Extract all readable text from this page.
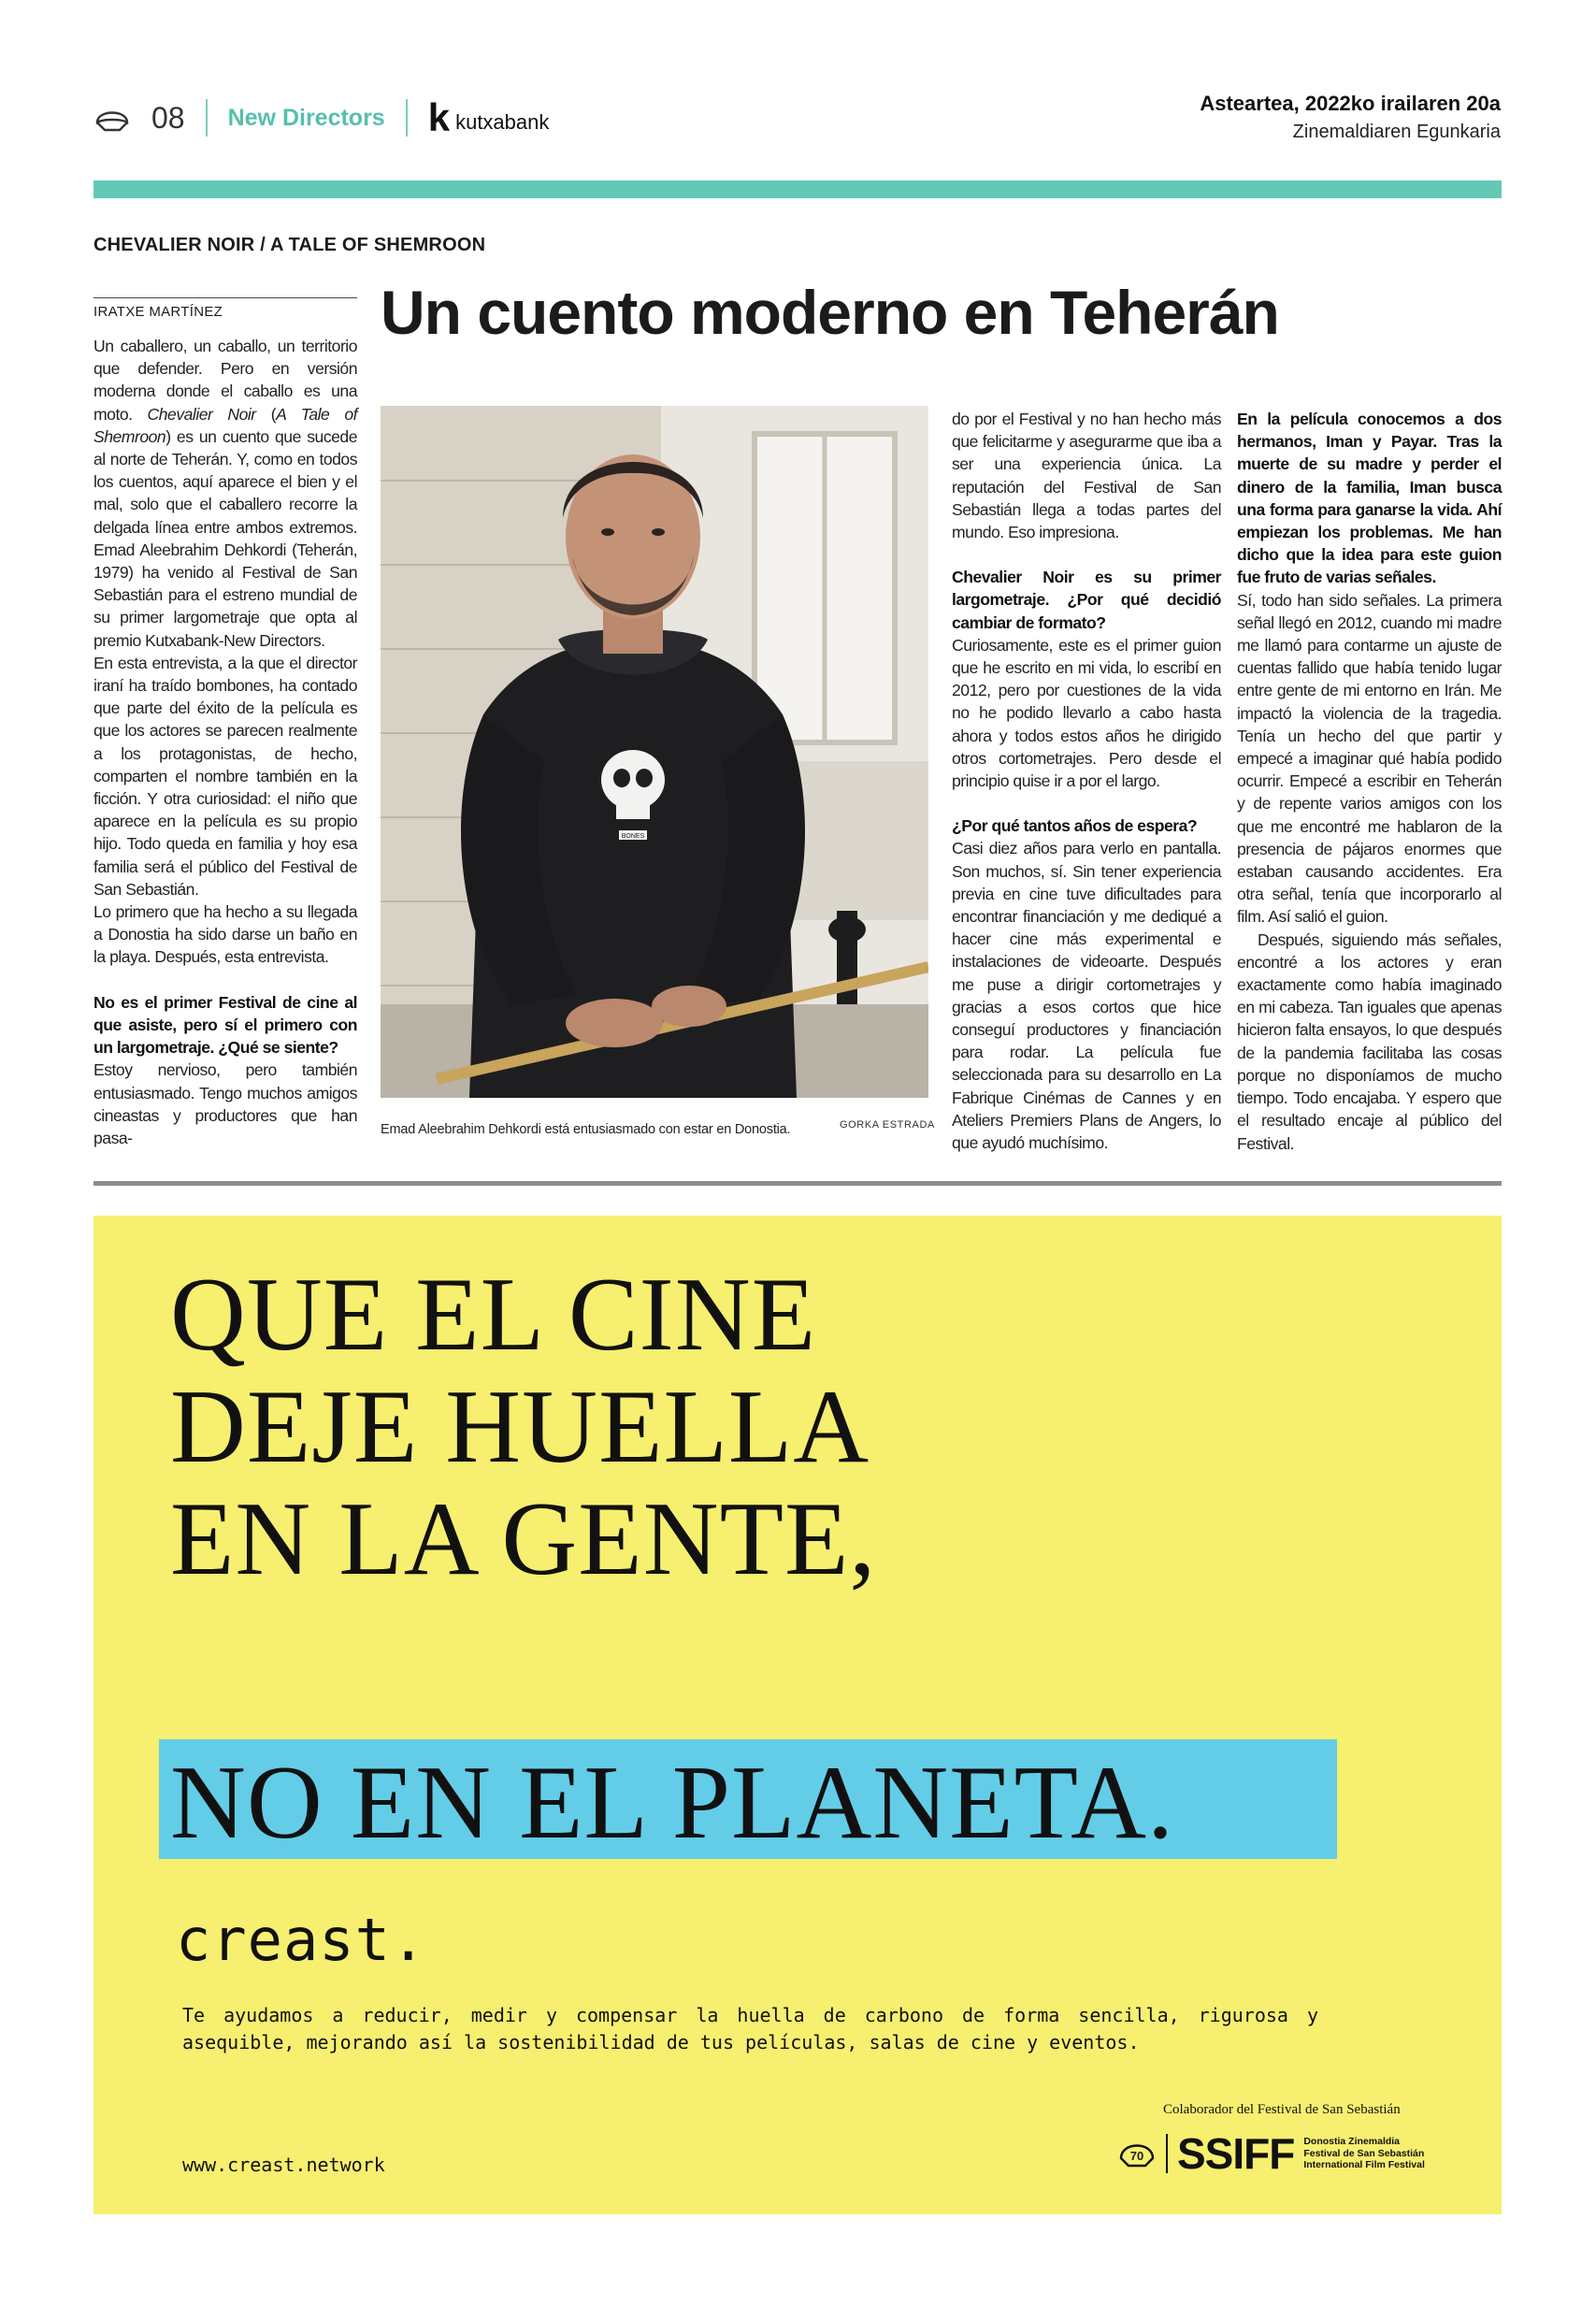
08 New Directors k kutxabank
Asteartea, 2022ko irailaren 20a
Zinemaldiaren Egunkaria
CHEVALIER NOIR / A TALE OF SHEMROON
IRATXE MARTÍNEZ	Un cuento moderno en Teherán

Un caballero, un caballo, un territorio que defender. Pero en versión moderna donde el caballo es una moto. Chevalier Noir (A Tale of Shemroon) es un cuento que sucede al norte de Teherán. Y, como en todos los cuentos, aquí aparece el bien y el mal, solo que el caballero recorre la delgada línea entre ambos extremos. Emad Aleebrahim Dehkordi (Teherán, 1979) ha venido al Festival de San Sebastián para el estreno mundial de su primer largometraje que opta al premio Kutxabank-New Directors.

En esta entrevista, a la que el director iraní ha traído bombones, ha contado que parte del éxito de la película es que los actores se parecen realmente a los protagonistas, de hecho, comparten el nombre también en la ficción. Y otra curiosidad: el niño que aparece en la película es su propio hijo. Todo queda en familia y hoy esa familia será el público del Festival de San Sebastián.

Lo primero que ha hecho a su llegada a Donostia ha sido darse un baño en la playa. Después, esta entrevista.

No es el primer Festival de cine al que asiste, pero sí el primero con un largometraje. ¿Qué se siente?

Estoy nervioso, pero también entusiasmado. Tengo muchos amigos cineastas y productores que han pasa-

BONES
Emad Aleebrahim Dehkordi está entusiasmado con estar en Donostia.	GORKA ESTRADA

do por el Festival y no han hecho más que felicitarme y asegurarme que iba a ser una experiencia única. La reputación del Festival de San Sebastián llega a todas partes del mundo. Eso impresiona.

Chevalier Noir es su primer largometraje. ¿Por qué decidió cambiar de formato?

Curiosamente, este es el primer guion que he escrito en mi vida, lo escribí en 2012, pero por cuestiones de la vida no he podido llevarlo a cabo hasta ahora y todos estos años he dirigido otros cortometrajes. Pero desde el principio quise ir a por el largo.

¿Por qué tantos años de espera?

Casi diez años para verlo en pantalla. Son muchos, sí. Sin tener experiencia previa en cine tuve dificultades para encontrar financiación y me dediqué a hacer cine más experimental e instalaciones de videoarte. Después me puse a dirigir cortometrajes y gracias a esos cortos que hice conseguí productores y financiación para rodar. La película fue seleccionada para su desarrollo en La Fabrique Cinémas de Cannes y en Ateliers Premiers Plans de Angers, lo que ayudó muchísimo.

En la película conocemos a dos hermanos, Iman y Payar. Tras la muerte de su madre y perder el dinero de la familia, Iman busca una forma para ganarse la vida. Ahí empiezan los problemas. Me han dicho que la idea para este guion fue fruto de varias señales.

Sí, todo han sido señales. La primera señal llegó en 2012, cuando mi madre me llamó para contarme un ajuste de cuentas fallido que había tenido lugar entre gente de mi entorno en Irán. Me impactó la violencia de la tragedia. Tenía un hecho del que partir y empecé a imaginar qué había podido ocurrir. Empecé a escribir en Teherán y de repente varios amigos con los que me encontré me hablaron de la presencia de pájaros enormes que estaban causando accidentes. Era otra señal, tenía que incorporarlo al film. Así salió el guion.

Después, siguiendo más señales, encontré a los actores y eran exactamente como había imaginado en mi cabeza. Tan iguales que apenas hicieron falta ensayos, lo que después de la pandemia facilitaba las cosas porque no disponíamos de mucho tiempo. Todo encajaba. Y espero que el resultado encaje al público del Festival.

QUE EL CINE
DEJE HUELLA
EN LA GENTE,
NO EN EL PLANETA.
creast.
Te ayudamos a reducir, medir y compensar la huella de carbono de forma sencilla, rigurosa y asequible, mejorando así la sostenibilidad de tus películas, salas de cine y eventos.
www.creast.network
Colaborador del Festival de San Sebastián
70 SSIFF Donostia Zinemaldia
Festival de San Sebastián
International Film Festival
